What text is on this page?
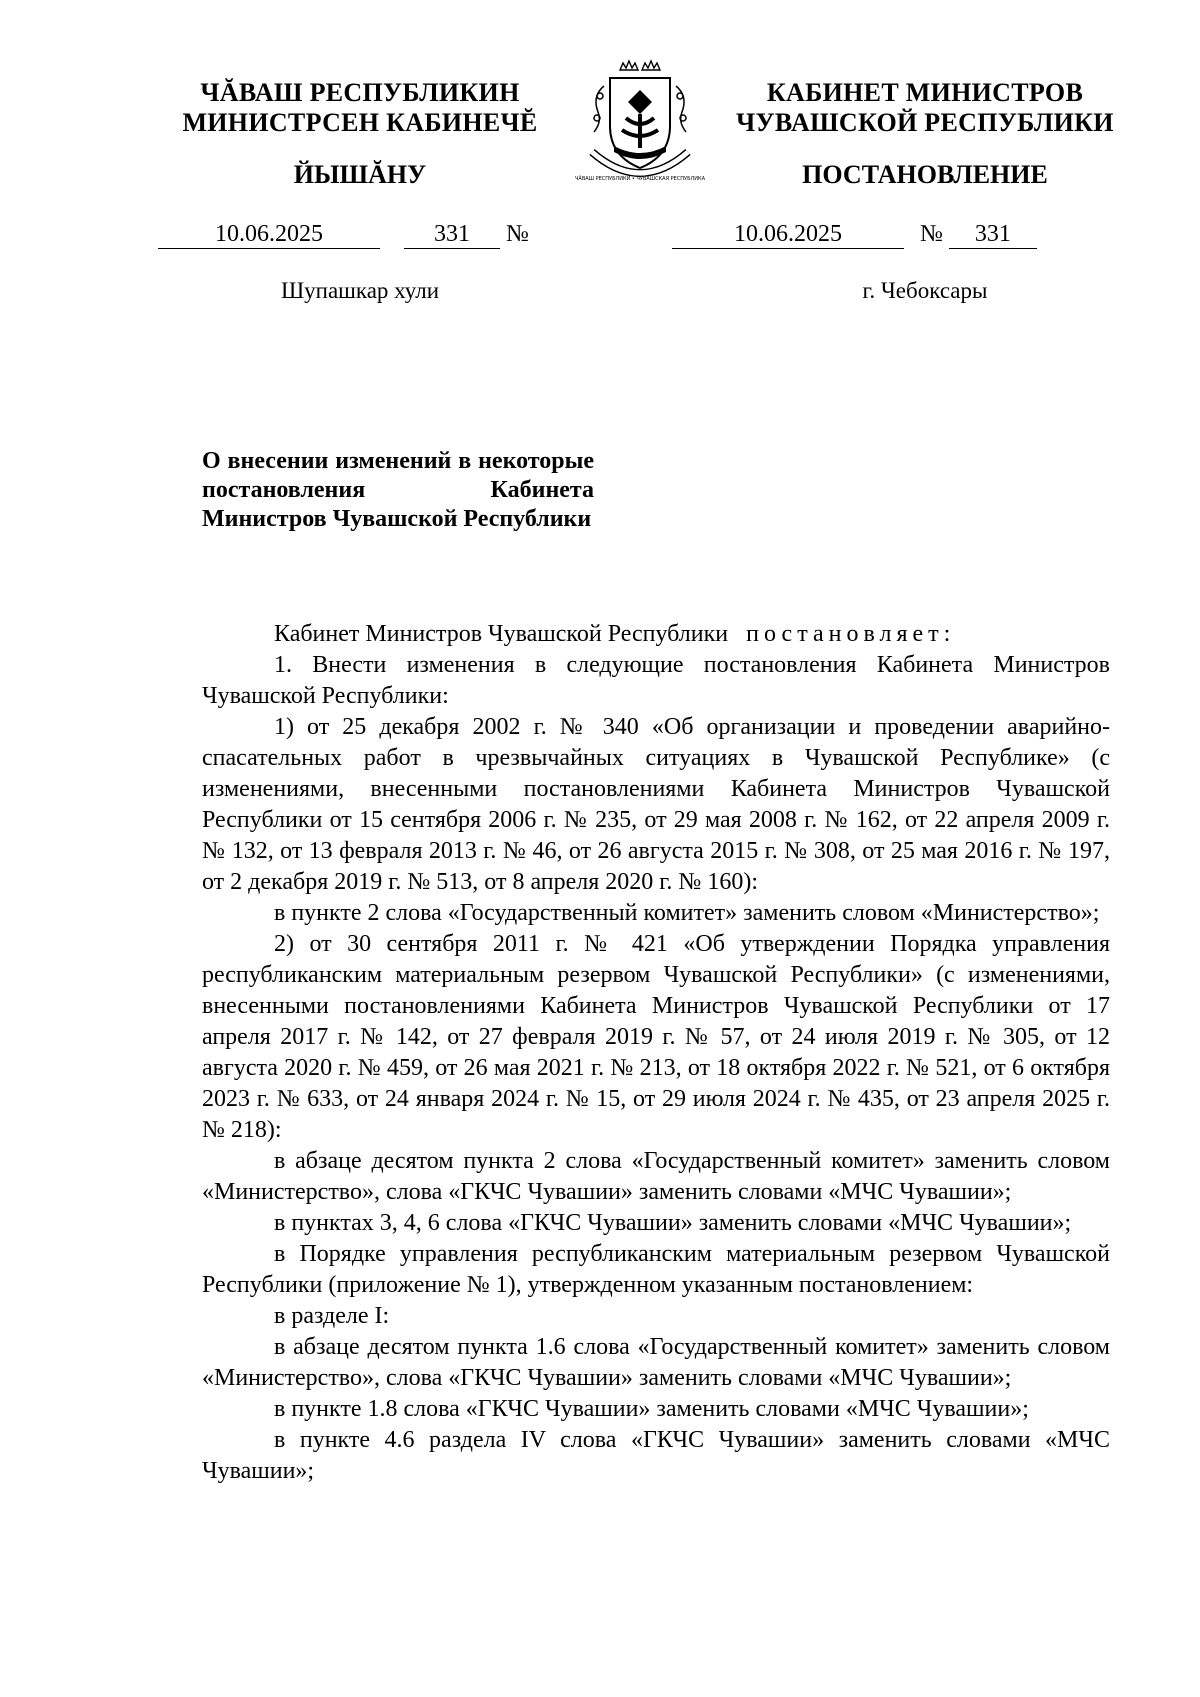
ЧĂВАШ РЕСПУБЛИКИН
МИНИСТРСЕН КАБИНЕЧĔ
КАБИНЕТ МИНИСТРОВ
ЧУВАШСКОЙ РЕСПУБЛИКИ
ЙЫШĂНУ	ПОСТАНОВЛЕНИЕ
ЧĂВАШ РЕСПУБЛИКИ • ЧУВАШСКАЯ РЕСПУБЛИКА
10.06.2025	331 №	10.06.2025	№ 331
Шупашкар хули	г. Чебоксары
О внесении изменений в некоторые постановления Кабинета Министров Чувашской Республики

Кабинет Министров Чувашской Республики постановляет:

1. Внести изменения в следующие постановления Кабинета Министров Чувашской Республики:

1) от 25 декабря 2002 г. № 340 «Об организации и проведении аварийно-спасательных работ в чрезвычайных ситуациях в Чувашской Республике» (с изменениями, внесенными постановлениями Кабинета Министров Чувашской Республики от 15 сентября 2006 г. № 235, от 29 мая 2008 г. № 162, от 22 апреля 2009 г. № 132, от 13 февраля 2013 г. № 46, от 26 августа 2015 г. № 308, от 25 мая 2016 г. № 197, от 2 декабря 2019 г. № 513, от 8 апреля 2020 г. № 160):

в пункте 2 слова «Государственный комитет» заменить словом «Министерство»;

2) от 30 сентября 2011 г. № 421 «Об утверждении Порядка управления республиканским материальным резервом Чувашской Республики» (с изменениями, внесенными постановлениями Кабинета Министров Чувашской Республики от 17 апреля 2017 г. № 142, от 27 февраля 2019 г. № 57, от 24 июля 2019 г. № 305, от 12 августа 2020 г. № 459, от 26 мая 2021 г. № 213, от 18 октября 2022 г. № 521, от 6 октября 2023 г. № 633, от 24 января 2024 г. № 15, от 29 июля 2024 г. № 435, от 23 апреля 2025 г. № 218):

в абзаце десятом пункта 2 слова «Государственный комитет» заменить словом «Министерство», слова «ГКЧС Чувашии» заменить словами «МЧС Чувашии»;

в пунктах 3, 4, 6 слова «ГКЧС Чувашии» заменить словами «МЧС Чувашии»;

в Порядке управления республиканским материальным резервом Чувашской Республики (приложение № 1), утвержденном указанным постановлением:

в разделе I:

в абзаце десятом пункта 1.6 слова «Государственный комитет» заменить словом «Министерство», слова «ГКЧС Чувашии» заменить словами «МЧС Чувашии»;

в пункте 1.8 слова «ГКЧС Чувашии» заменить словами «МЧС Чувашии»;

в пункте 4.6 раздела IV слова «ГКЧС Чувашии» заменить словами «МЧС Чувашии»;
